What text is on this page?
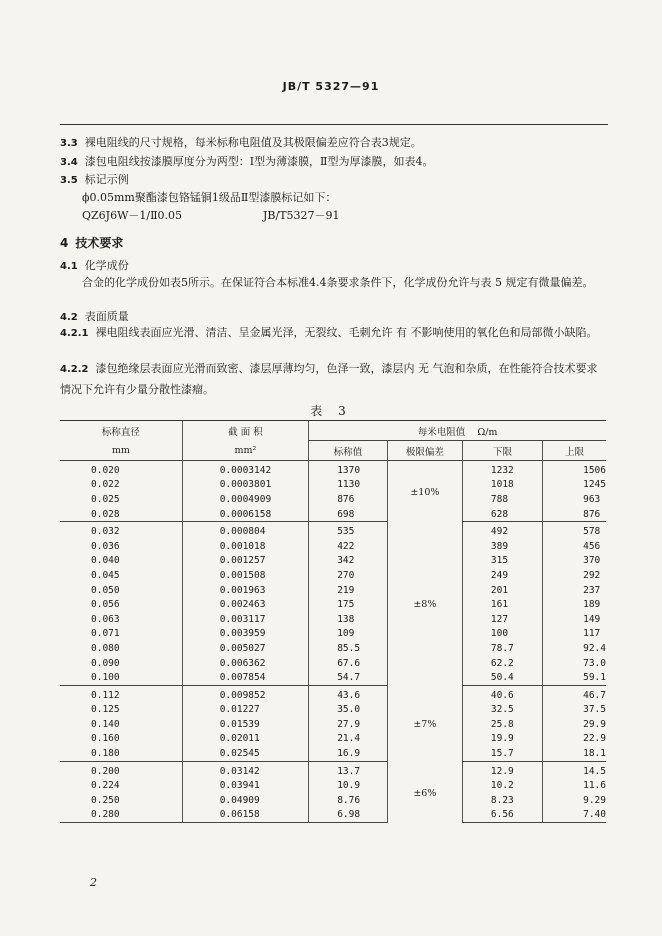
JB/T 5327—91
3.3 裸电阻线的尺寸规格，每米标称电阻值及其极限偏差应符合表3规定。
3.4 漆包电阻线按漆膜厚度分为两型：Ⅰ型为薄漆膜，Ⅱ型为厚漆膜，如表4。
3.5 标记示例
ϕ0.05mm聚酯漆包铬锰铜1级品Ⅱ型漆膜标记如下：
QZ6J6W－1/Ⅱ0.05	JB/T5327－91
4 技术要求
4.1 化学成份
合金的化学成份如表5所示。在保证符合本标准4.4条要求条件下，化学成份允许与表 5 规定有微量偏差。
4.2 表面质量
4.2.1 裸电阻线表面应光滑、清洁、呈金属光泽，无裂纹、毛刺允许 有 不影响使用的氧化色和局部微小缺陷。
4.2.2 漆包绝缘层表面应光滑而致密、漆层厚薄均匀，色泽一致，漆层内 无 气泡和杂质，在性能符合技术要求情况下允许有少量分散性漆瘤。
表 3
标称直径	截 面 积	每米电阻值 Ω/m			
mm	mm²	标称值	极限偏差	下限	上限
0.020	0.0003142	1370	±10%	1232	1506
0.022	0.0003801	1130		1018	1245
0.025	0.0004909	876		788	963
0.028	0.0006158	698		628	876
0.032	0.000804	535	±8%	492	578
0.036	0.001018	422		389	456
0.040	0.001257	342		315	370
0.045	0.001508	270		249	292
0.050	0.001963	219		201	237
0.056	0.002463	175		161	189
0.063	0.003117	138		127	149
0.071	0.003959	109		100	117
0.080	0.005027	85.5		78.7	92.4
0.090	0.006362	67.6		62.2	73.0
0.100	0.007854	54.7		50.4	59.1
0.112	0.009852	43.6	±7%	40.6	46.7
0.125	0.01227	35.0		32.5	37.5
0.140	0.01539	27.9		25.8	29.9
0.160	0.02011	21.4		19.9	22.9
0.180	0.02545	16.9		15.7	18.1
0.200	0.03142	13.7	±6%	12.9	14.5
0.224	0.03941	10.9		10.2	11.6
0.250	0.04909	8.76		8.23	9.29
0.280	0.06158	6.98		6.56	7.40
2
